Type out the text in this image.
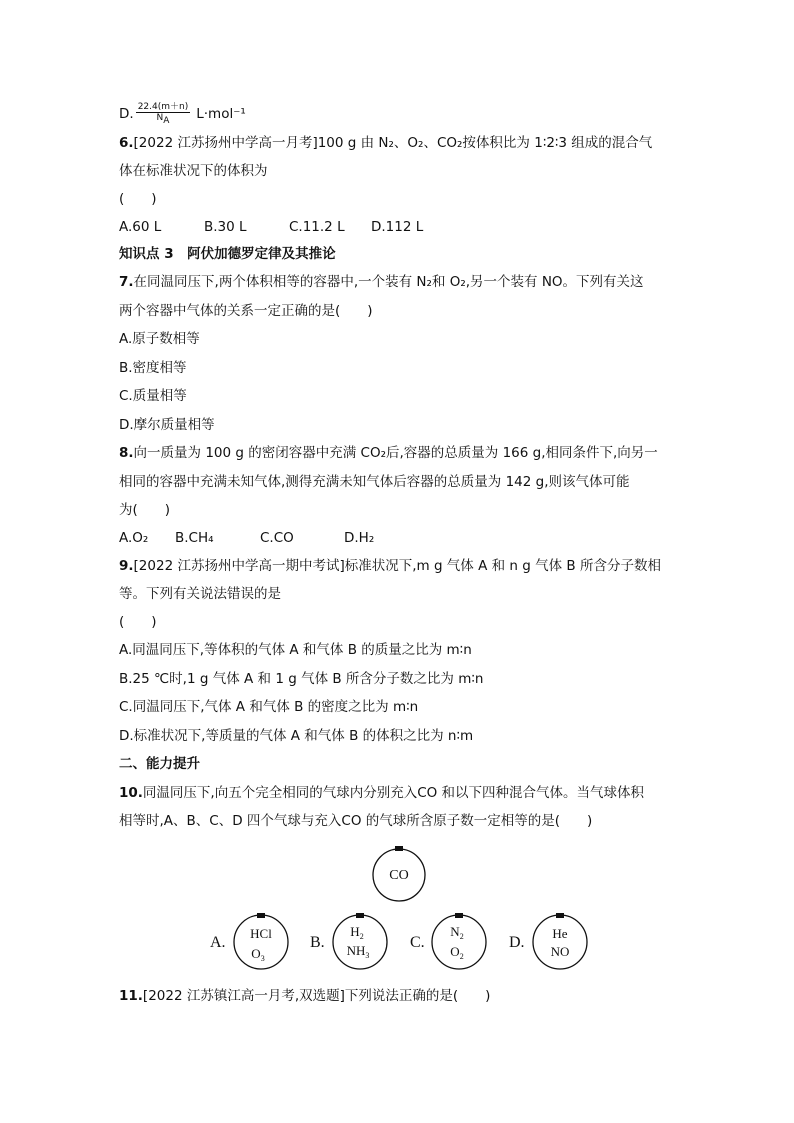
D. $\frac{22.4(m+n)}{N_A} L\cdot mol^{-1}$
6.[2022 江苏扬州中学高一月考]100 g 由 N₂、O₂、CO₂按体积比为 1∶2∶3 组成的混合气
体在标准状况下的体积为
(　　)
A.60 L	B.30 L	C.11.2 L D.112 L
知识点 3　阿伏加德罗定律及其推论
7.在同温同压下,两个体积相等的容器中,一个装有 N₂和 O₂,另一个装有 NO。下列有关这
两个容器中气体的关系一定正确的是(　　)
A.原子数相等
B.密度相等
C.质量相等
D.摩尔质量相等
8.向一质量为 100 g 的密闭容器中充满 CO₂后,容器的总质量为 166 g,相同条件下,向另一
相同的容器中充满未知气体,测得充满未知气体后容器的总质量为 142 g,则该气体可能
为(　　)
A.O₂ B.CH₄	C.CO	D.H₂
9.[2022 江苏扬州中学高一期中考试]标准状况下,m g 气体 A 和 n g 气体 B 所含分子数相
等。下列有关说法错误的是
(　　)
A.同温同压下,等体积的气体 A 和气体 B 的质量之比为 m∶n
B.25 ℃时,1 g 气体 A 和 1 g 气体 B 所含分子数之比为 m∶n
C.同温同压下,气体 A 和气体 B 的密度之比为 m∶n
D.标准状况下,等质量的气体 A 和气体 B 的体积之比为 n∶m
二、能力提升
10.同温同压下,向五个完全相同的气球内分别充入CO 和以下四种混合气体。当气球体积
相等时,A、B、C、D 四个气球与充入CO 的气球所含原子数一定相等的是(　　)
CO
A.
HCl
$O_3$
B.
$H_2$
$NH_3$
C.
$N_2$
$O_2$
D.
He
NO
11.[2022 江苏镇江高一月考,双选题]下列说法正确的是(　　)
